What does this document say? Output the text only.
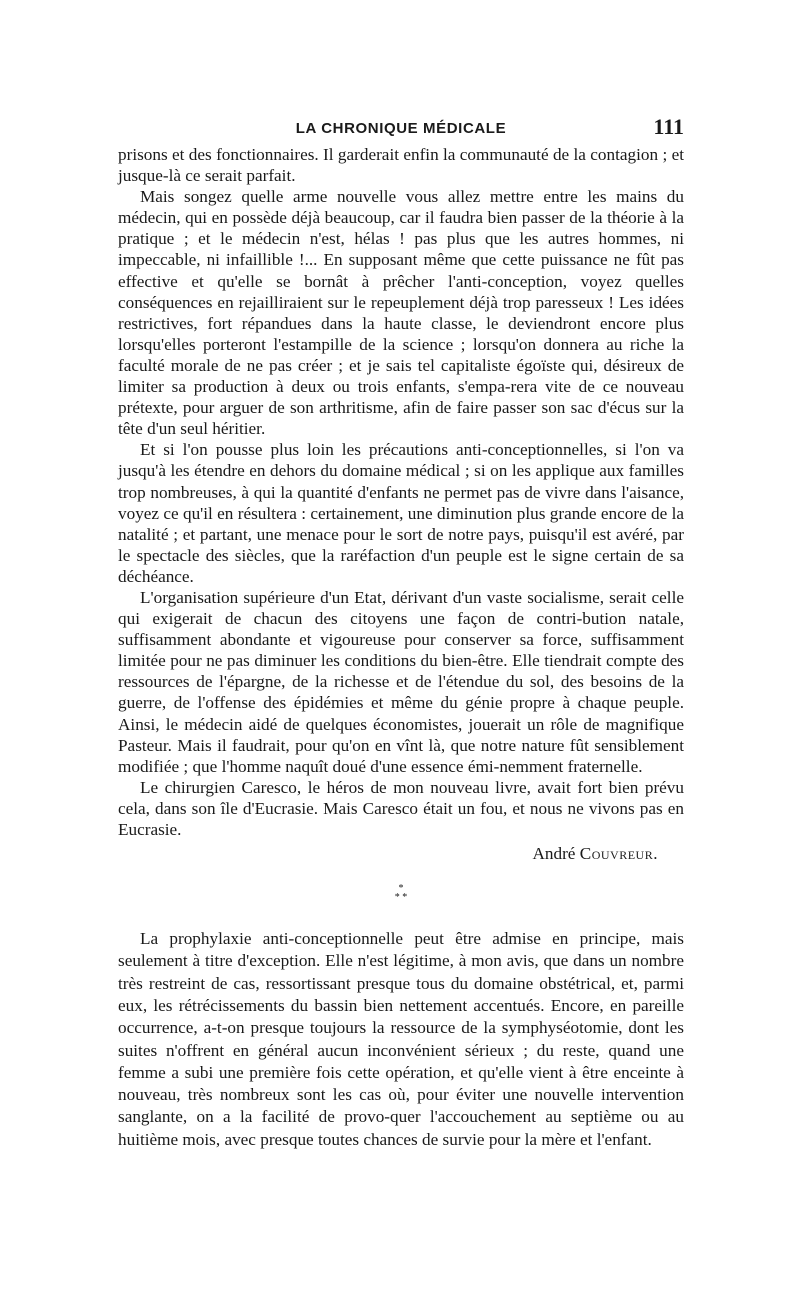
LA CHRONIQUE MÉDICALE	111

prisons et des fonctionnaires. Il garderait enfin la communauté de la contagion ; et jusque-là ce serait parfait.

Mais songez quelle arme nouvelle vous allez mettre entre les mains du médecin, qui en possède déjà beaucoup, car il faudra bien passer de la théorie à la pratique ; et le médecin n'est, hélas ! pas plus que les autres hommes, ni impeccable, ni infaillible !... En supposant même que cette puissance ne fût pas effective et qu'elle se bornât à prêcher l'anti-conception, voyez quelles conséquences en rejailliraient sur le repeuplement déjà trop paresseux ! Les idées restrictives, fort répandues dans la haute classe, le deviendront encore plus lorsqu'elles porteront l'estampille de la science ; lorsqu'on donnera au riche la faculté morale de ne pas créer ; et je sais tel capitaliste égoïste qui, désireux de limiter sa production à deux ou trois enfants, s'empa-rera vite de ce nouveau prétexte, pour arguer de son arthritisme, afin de faire passer son sac d'écus sur la tête d'un seul héritier.

Et si l'on pousse plus loin les précautions anti-conceptionnelles, si l'on va jusqu'à les étendre en dehors du domaine médical ; si on les applique aux familles trop nombreuses, à qui la quantité d'enfants ne permet pas de vivre dans l'aisance, voyez ce qu'il en résultera : certainement, une diminution plus grande encore de la natalité ; et partant, une menace pour le sort de notre pays, puisqu'il est avéré, par le spectacle des siècles, que la raréfaction d'un peuple est le signe certain de sa déchéance.

L'organisation supérieure d'un Etat, dérivant d'un vaste socialisme, serait celle qui exigerait de chacun des citoyens une façon de contri-bution natale, suffisamment abondante et vigoureuse pour conserver sa force, suffisamment limitée pour ne pas diminuer les conditions du bien-être. Elle tiendrait compte des ressources de l'épargne, de la richesse et de l'étendue du sol, des besoins de la guerre, de l'offense des épidémies et même du génie propre à chaque peuple. Ainsi, le médecin aidé de quelques économistes, jouerait un rôle de magnifique Pasteur. Mais il faudrait, pour qu'on en vînt là, que notre nature fût sensiblement modifiée ; que l'homme naquît doué d'une essence émi-nemment fraternelle.

Le chirurgien Caresco, le héros de mon nouveau livre, avait fort bien prévu cela, dans son île d'Eucrasie. Mais Caresco était un fou, et nous ne vivons pas en Eucrasie.

André Couvreur.
*
* *

La prophylaxie anti-conceptionnelle peut être admise en principe, mais seulement à titre d'exception. Elle n'est légitime, à mon avis, que dans un nombre très restreint de cas, ressortissant presque tous du domaine obstétrical, et, parmi eux, les rétrécissements du bassin bien nettement accentués. Encore, en pareille occurrence, a-t-on presque toujours la ressource de la symphyséotomie, dont les suites n'offrent en général aucun inconvénient sérieux ; du reste, quand une femme a subi une première fois cette opération, et qu'elle vient à être enceinte à nouveau, très nombreux sont les cas où, pour éviter une nouvelle intervention sanglante, on a la facilité de provo-quer l'accouchement au septième ou au huitième mois, avec presque toutes chances de survie pour la mère et l'enfant.
